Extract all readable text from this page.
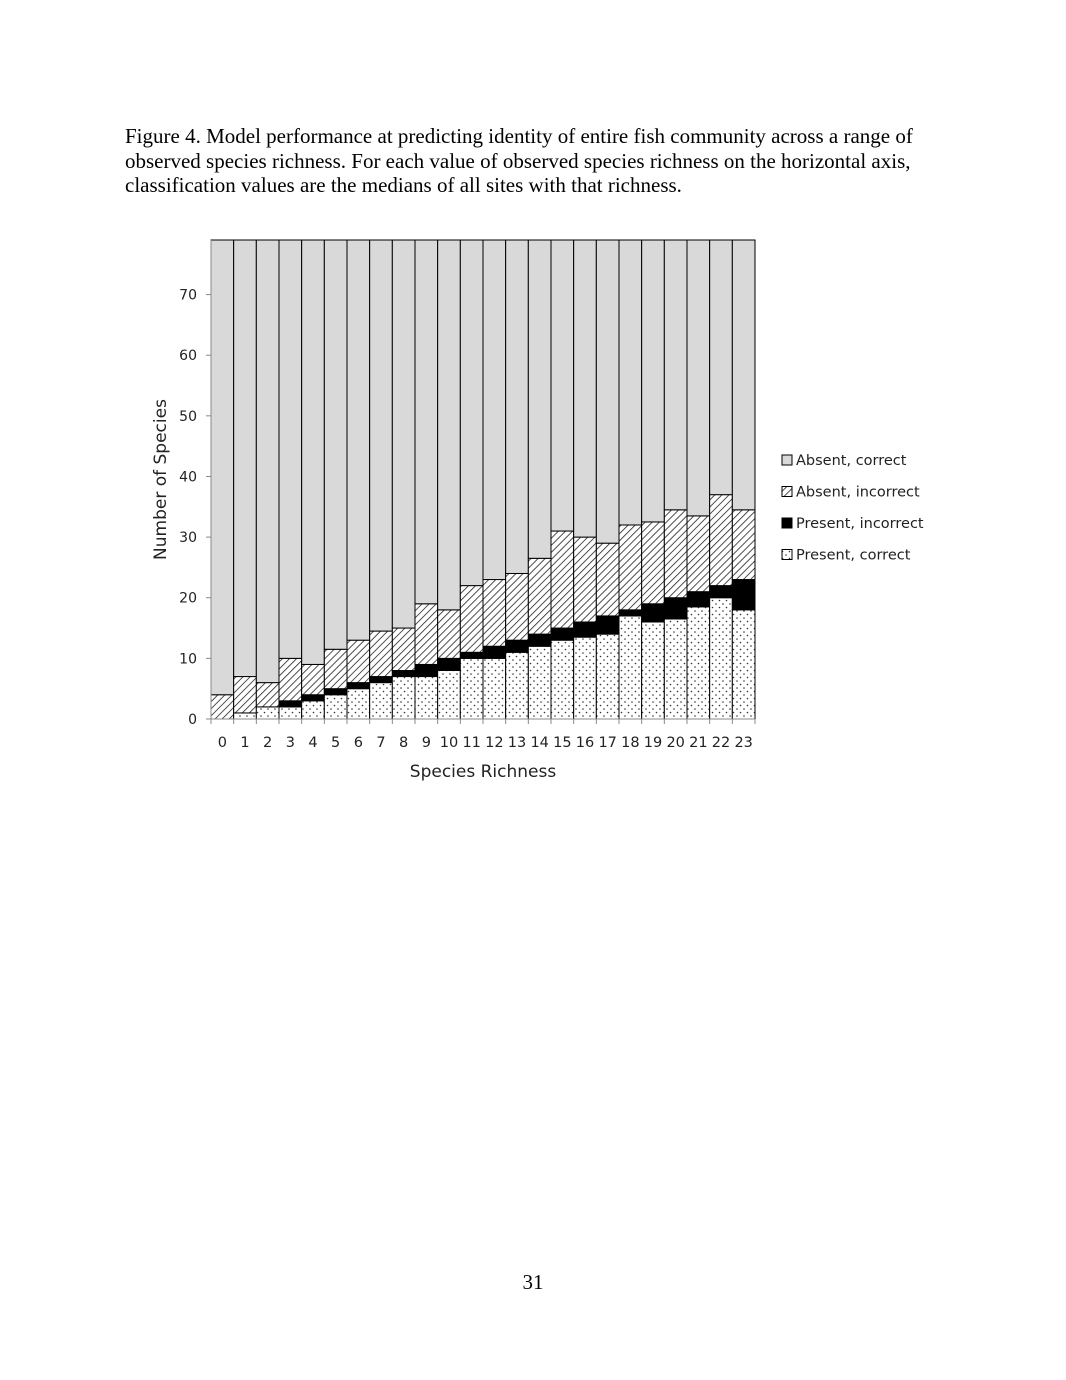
Figure 4. Model performance at predicting identity of entire fish community across a range of observed species richness. For each value of observed species richness on the horizontal axis, classification values are the medians of all sites with that richness.

0
10
20
30
40
50
60
70
0 1 2 3 4 5 6 7 8 9 10 11 12 13 14 15 16 17 18 19 20 21 22 23
Species Richness
Number of Species	Absent, correct
Absent, incorrect
Present, incorrect
Present, correct
31
